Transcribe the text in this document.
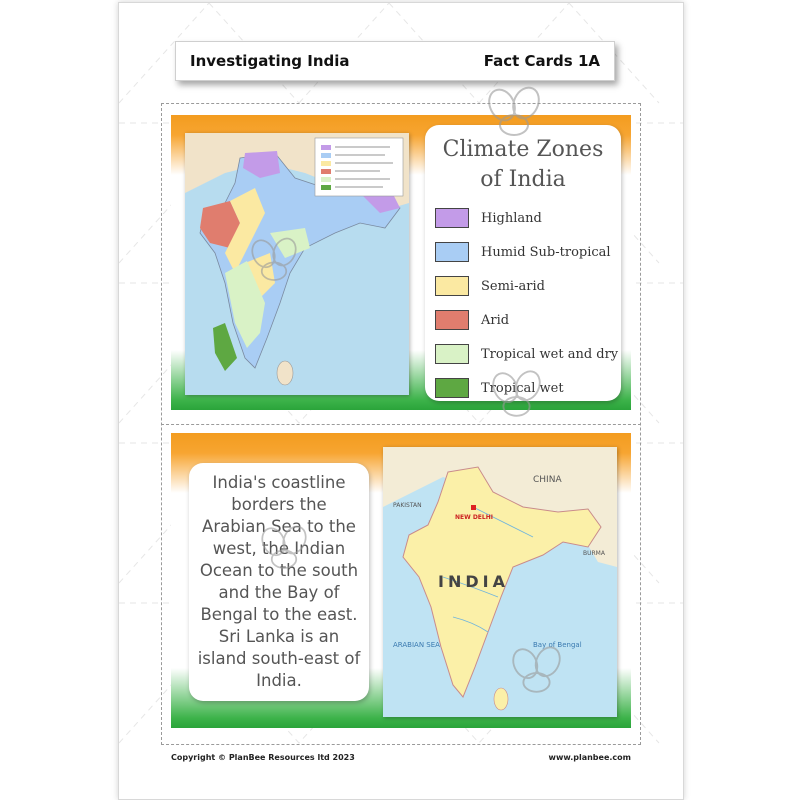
Investigating India	Fact Cards 1A
Climate Zones
of India
Highland
Humid Sub-tropical
Semi-arid
Arid
Tropical wet and dry
Tropical wet

India's coastline borders the Arabian Sea to the west, the Indian Ocean to the south and the Bay of Bengal to the east. Sri Lanka is an island south-east of India.

CHINA
PAKISTAN
NEW DELHI
INDIA
ARABIAN SEA	Bay of Bengal
BURMA
Copyright © PlanBee Resources ltd 2023	www.planbee.com
